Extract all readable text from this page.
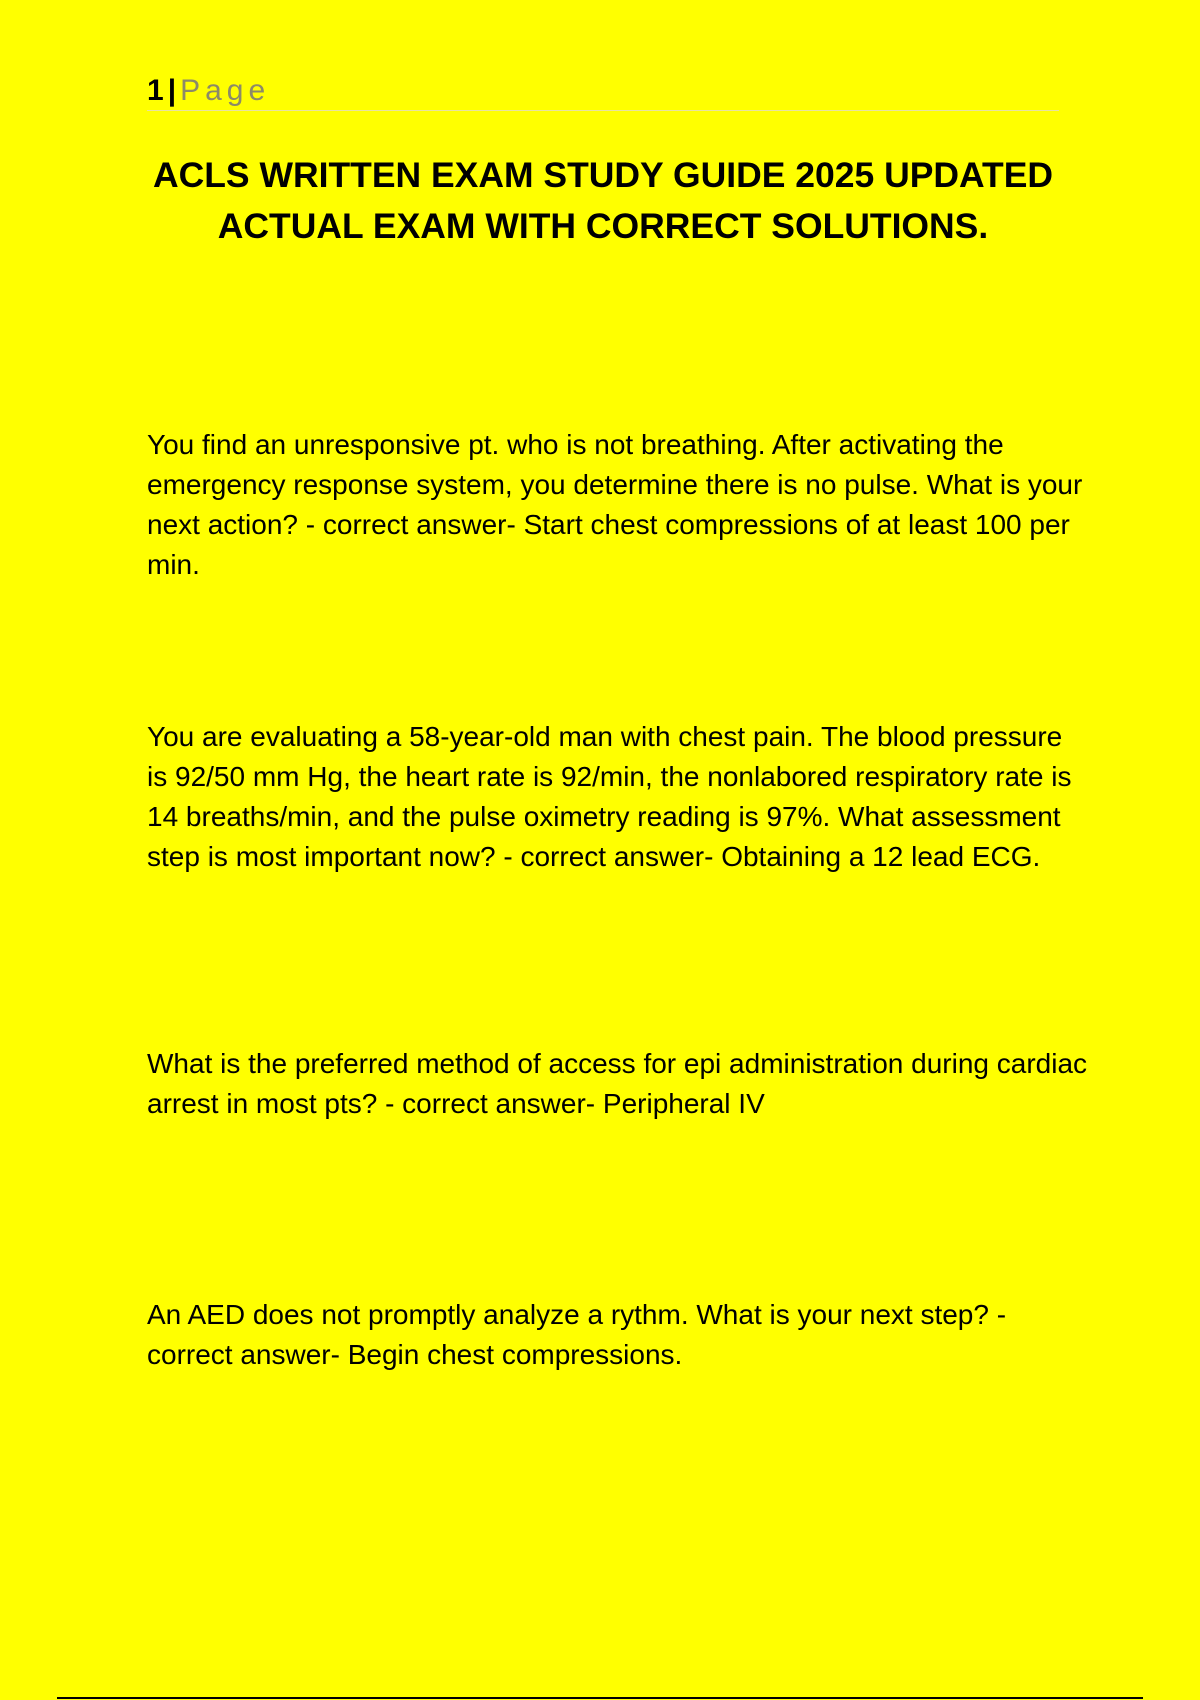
1 | Page
ACLS WRITTEN EXAM STUDY GUIDE 2025 UPDATED ACTUAL EXAM WITH CORRECT SOLUTIONS.
You find an unresponsive pt. who is not breathing. After activating the emergency response system, you determine there is no pulse. What is your next action? - correct answer- Start chest compressions of at least 100 per min.
You are evaluating a 58-year-old man with chest pain. The blood pressure is 92/50 mm Hg, the heart rate is 92/min, the nonlabored respiratory rate is 14 breaths/min, and the pulse oximetry reading is 97%. What assessment step is most important now? - correct answer- Obtaining a 12 lead ECG.
What is the preferred method of access for epi administration during cardiac arrest in most pts? - correct answer- Peripheral IV
An AED does not promptly analyze a rythm. What is your next step? - correct answer- Begin chest compressions.
